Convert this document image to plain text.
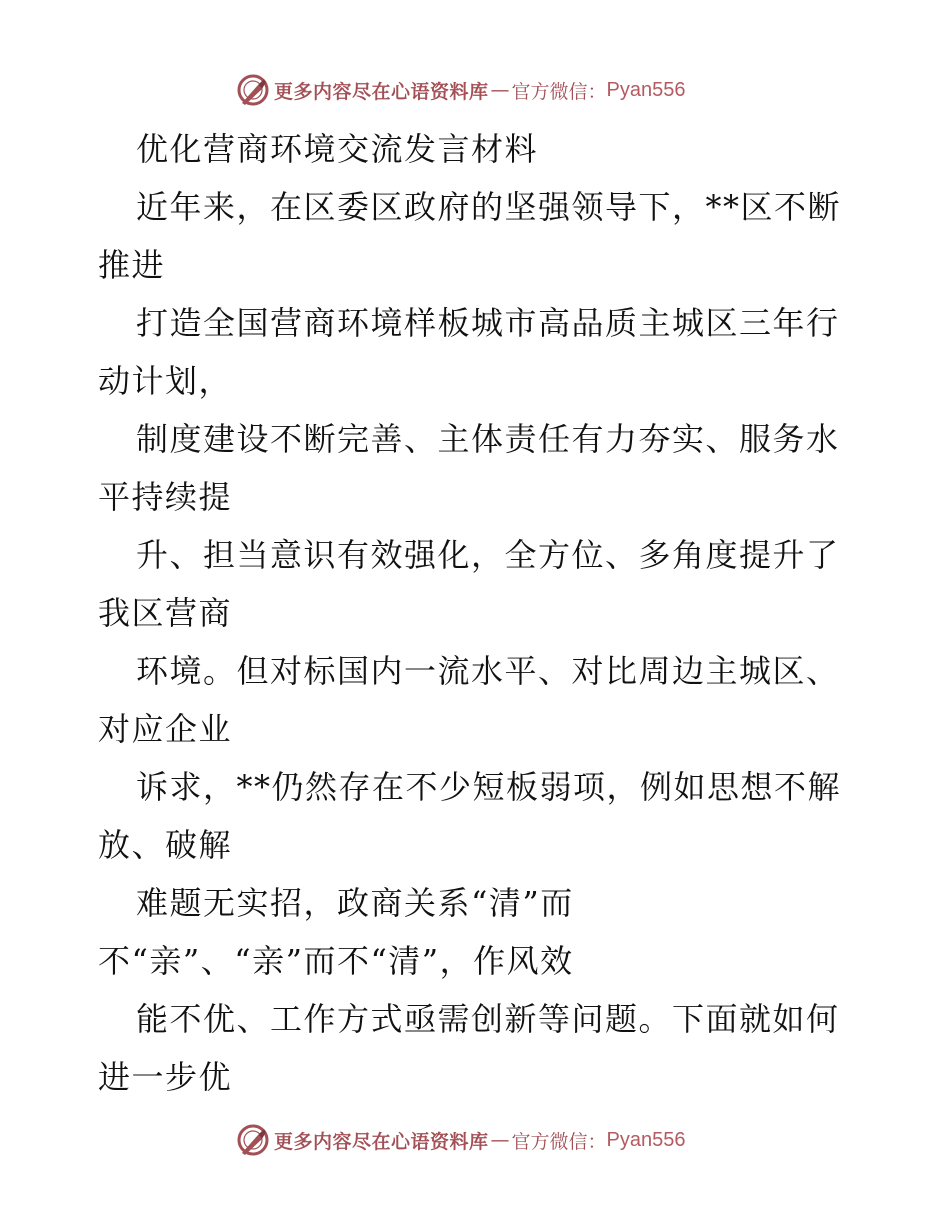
更多内容尽在心语资料库 — 官方微信： Pyan556
优化营商环境交流发言材料
近年来，在区委区政府的坚强领导下，**区不断
推进
打造全国营商环境样板城市高品质主城区三年行
动计划，
制度建设不断完善、主体责任有力夯实、服务水
平持续提
升、担当意识有效强化，全方位、多角度提升了
我区营商
环境。但对标国内一流水平、对比周边主城区、
对应企业
诉求，**仍然存在不少短板弱项，例如思想不解
放、破解
难题无实招，政商关系“清”而
不“亲”、“亲”而不“清”，作风效
能不优、工作方式亟需创新等问题。下面就如何
进一步优
更多内容尽在心语资料库 — 官方微信： Pyan556
